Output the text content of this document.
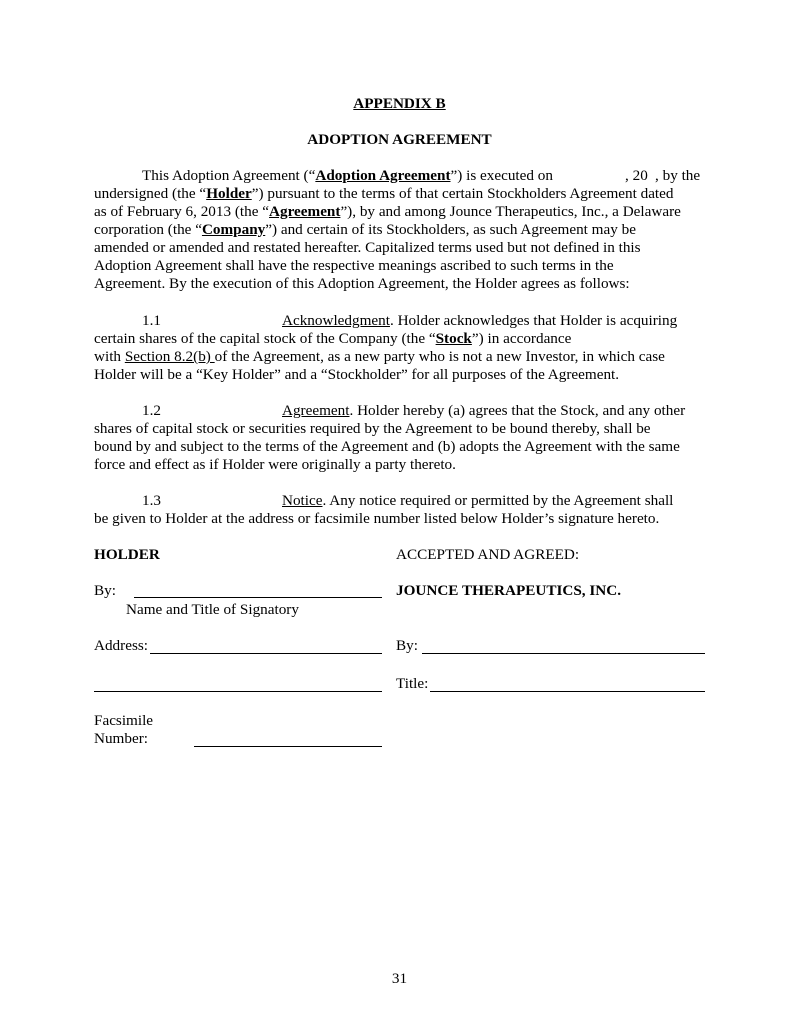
APPENDIX B
ADOPTION AGREEMENT
This Adoption Agreement (“Adoption Agreement”) is executed on	, 20 , by the
undersigned (the “Holder”) pursuant to the terms of that certain Stockholders Agreement dated
as of February 6, 2013 (the “Agreement”), by and among Jounce Therapeutics, Inc., a Delaware
corporation (the “Company”) and certain of its Stockholders, as such Agreement may be
amended or amended and restated hereafter. Capitalized terms used but not defined in this
Adoption Agreement shall have the respective meanings ascribed to such terms in the
Agreement. By the execution of this Adoption Agreement, the Holder agrees as follows:
1.1	Acknowledgment. Holder acknowledges that Holder is acquiring
certain shares of the capital stock of the Company (the “Stock”) in accordance
with Section 8.2(b) of the Agreement, as a new party who is not a new Investor, in which case
Holder will be a “Key Holder” and a “Stockholder” for all purposes of the Agreement.
1.2	Agreement. Holder hereby (a) agrees that the Stock, and any other
shares of capital stock or securities required by the Agreement to be bound thereby, shall be
bound by and subject to the terms of the Agreement and (b) adopts the Agreement with the same
force and effect as if Holder were originally a party thereto.
1.3	Notice. Any notice required or permitted by the Agreement shall
be given to Holder at the address or facsimile number listed below Holder’s signature hereto.
HOLDER
By:
Name and Title of Signatory
Address:
Facsimile
Number:
ACCEPTED AND AGREED:
JOUNCE THERAPEUTICS, INC.
By:
Title:
31
